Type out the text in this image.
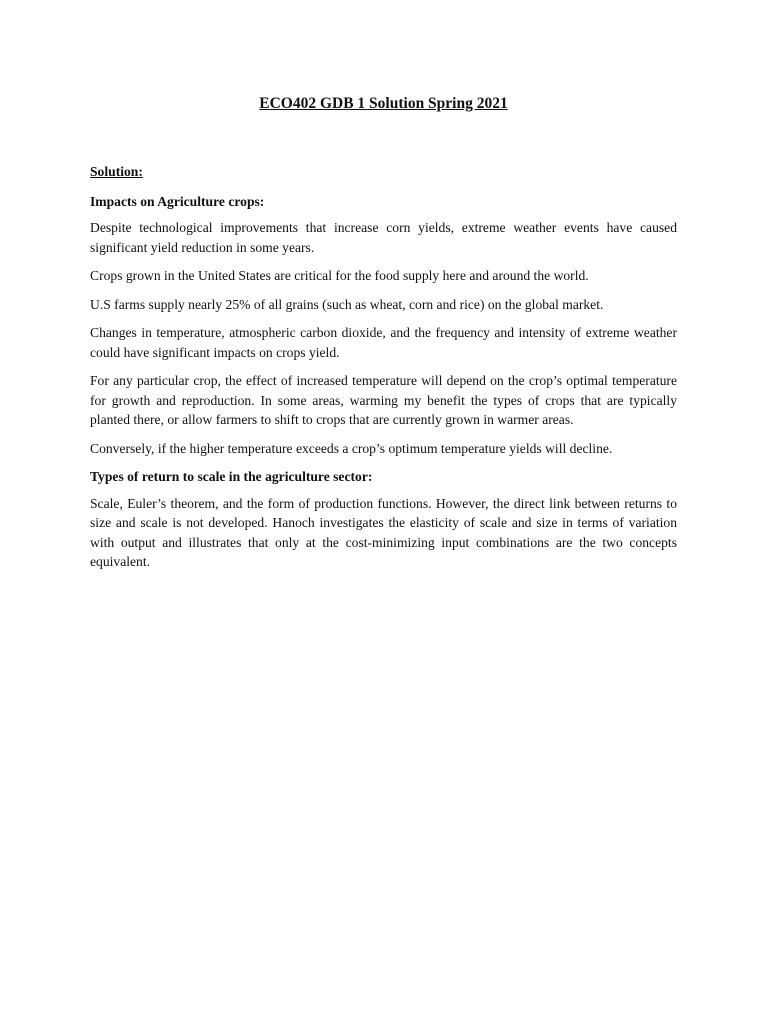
ECO402 GDB 1 Solution Spring 2021
Solution:
Impacts on Agriculture crops:

Despite technological improvements that increase corn yields, extreme weather events have caused significant yield reduction in some years.

Crops grown in the United States are critical for the food supply here and around the world.

U.S farms supply nearly 25% of all grains (such as wheat, corn and rice) on the global market.

Changes in temperature, atmospheric carbon dioxide, and the frequency and intensity of extreme weather could have significant impacts on crops yield.

For any particular crop, the effect of increased temperature will depend on the crop’s optimal temperature for growth and reproduction. In some areas, warming my benefit the types of crops that are typically planted there, or allow farmers to shift to crops that are currently grown in warmer areas.

Conversely, if the higher temperature exceeds a crop’s optimum temperature yields will decline.

Types of return to scale in the agriculture sector:

Scale, Euler’s theorem, and the form of production functions. However, the direct link between returns to size and scale is not developed. Hanoch investigates the elasticity of scale and size in terms of variation with output and illustrates that only at the cost-minimizing input combinations are the two concepts equivalent.
